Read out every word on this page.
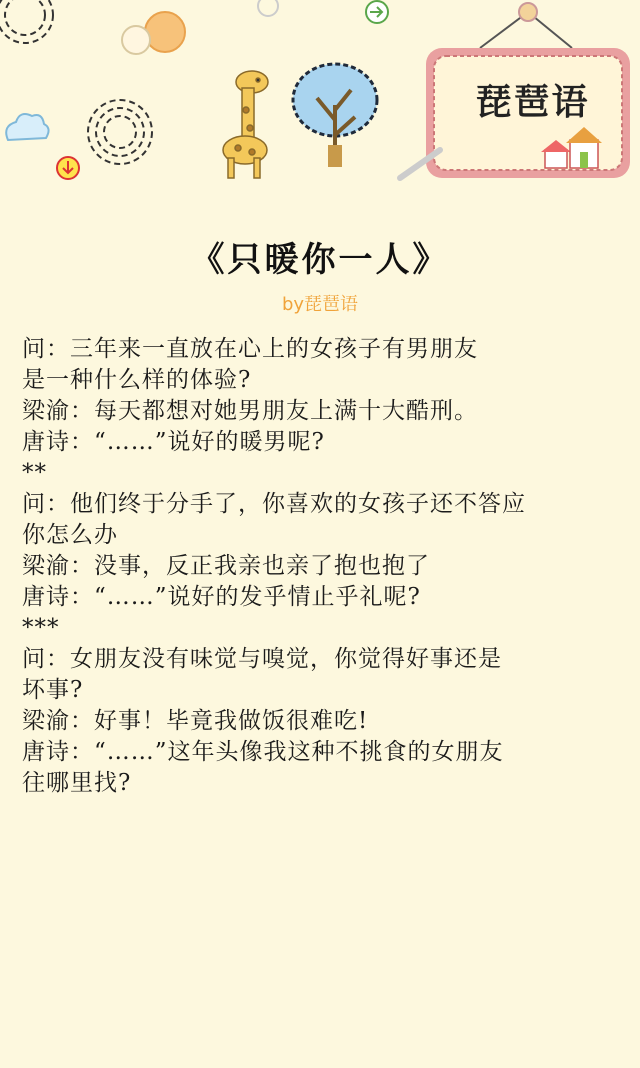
琵琶语
《只暖你一人》
by琵琶语
问：三年来一直放在心上的女孩子有男朋友
是一种什么样的体验?
梁渝：每天都想对她男朋友上满十大酷刑。
唐诗：“……”说好的暖男呢?
**
问：他们终于分手了，你喜欢的女孩子还不答应
你怎么办
梁渝：没事，反正我亲也亲了抱也抱了
唐诗：“……”说好的发乎情止乎礼呢?
***
问：女朋友没有味觉与嗅觉，你觉得好事还是
坏事?
梁渝：好事！毕竟我做饭很难吃!
唐诗：“……”这年头像我这种不挑食的女朋友
往哪里找?
